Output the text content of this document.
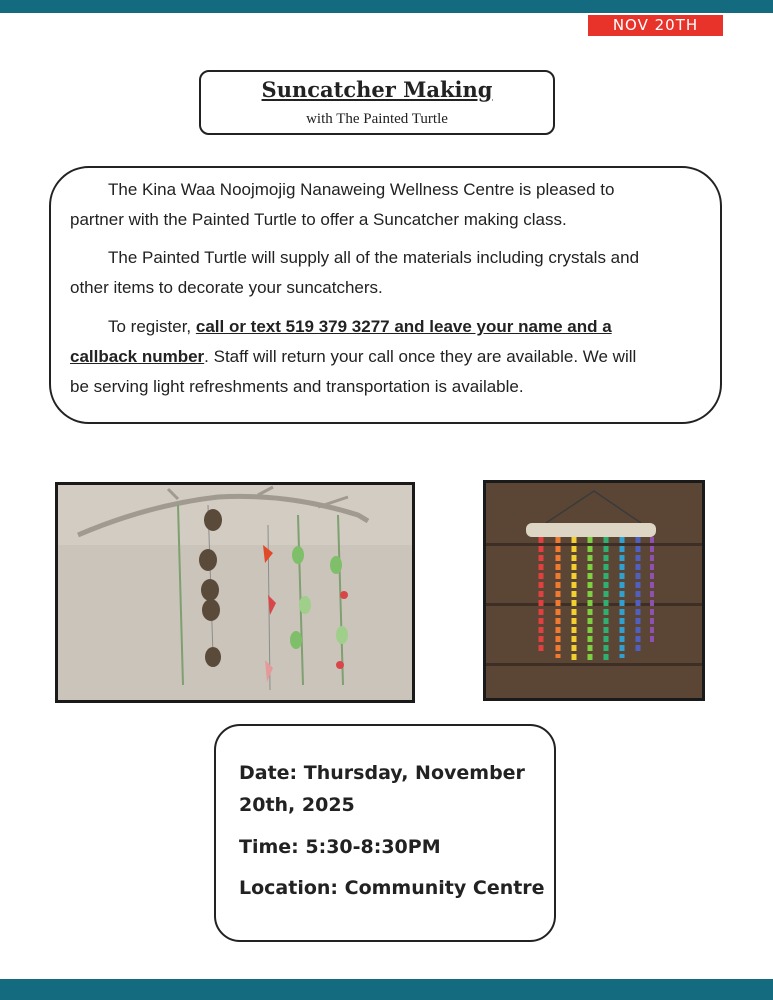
NOV 20TH
Suncatcher Making
with The Painted Turtle
The Kina Waa Noojmojig Nanaweing Wellness Centre is pleased to
partner with the Painted Turtle to offer a Suncatcher making class.
The Painted Turtle will supply all of the materials including crystals and
other items to decorate your suncatchers.
To register, call or text 519 379 3277 and leave your name and a
callback number. Staff will return your call once they are available. We will
be serving light refreshments and transportation is available.
Date: Thursday, November
20th, 2025
Time: 5:30-8:30PM
Location: Community Centre
